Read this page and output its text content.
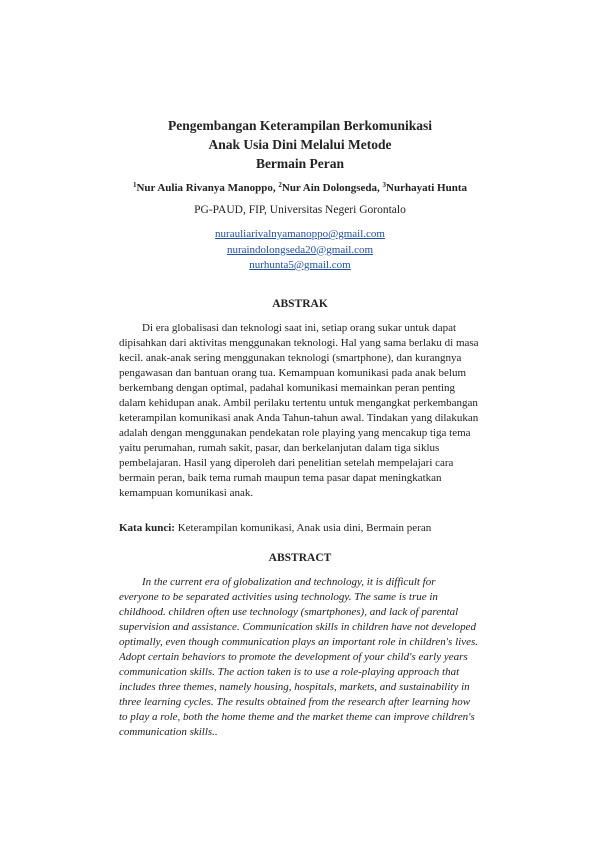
Pengembangan Keterampilan Berkomunikasi
Anak Usia Dini Melalui Metode
Bermain Peran
$^1$Nur Aulia Rivanya Manoppo, $^2$Nur Ain Dolongseda, $^3$Nurhayati Hunta
PG-PAUD, FIP, Universitas Negeri Gorontalo
nurauliarivalnyamanoppo@gmail.com
nuraindolongseda20@gmail.com
nurhunta5@gmail.com
ABSTRAK
Di era globalisasi dan teknologi saat ini, setiap orang sukar untuk dapat
dipisahkan dari aktivitas menggunakan teknologi. Hal yang sama berlaku di masa
kecil. anak-anak sering menggunakan teknologi (smartphone), dan kurangnya
pengawasan dan bantuan orang tua. Kemampuan komunikasi pada anak belum
berkembang dengan optimal, padahal komunikasi memainkan peran penting
dalam kehidupan anak. Ambil perilaku tertentu untuk mengangkat perkembangan
keterampilan komunikasi anak Anda Tahun-tahun awal. Tindakan yang dilakukan
adalah dengan menggunakan pendekatan role playing yang mencakup tiga tema
yaitu perumahan, rumah sakit, pasar, dan berkelanjutan dalam tiga siklus
pembelajaran. Hasil yang diperoleh dari penelitian setelah mempelajari cara
bermain peran, baik tema rumah maupun tema pasar dapat meningkatkan
kemampuan komunikasi anak.
Kata kunci: Keterampilan komunikasi, Anak usia dini, Bermain peran
ABSTRACT
In the current era of globalization and technology, it is difficult for
everyone to be separated activities using technology. The same is true in
childhood. children often use technology (smartphones), and lack of parental
supervision and assistance. Communication skills in children have not developed
optimally, even though communication plays an important role in children's lives.
Adopt certain behaviors to promote the development of your child's early years
communication skills. The action taken is to use a role-playing approach that
includes three themes, namely housing, hospitals, markets, and sustainability in
three learning cycles. The results obtained from the research after learning how
to play a role, both the home theme and the market theme can improve children's
communication skills..
